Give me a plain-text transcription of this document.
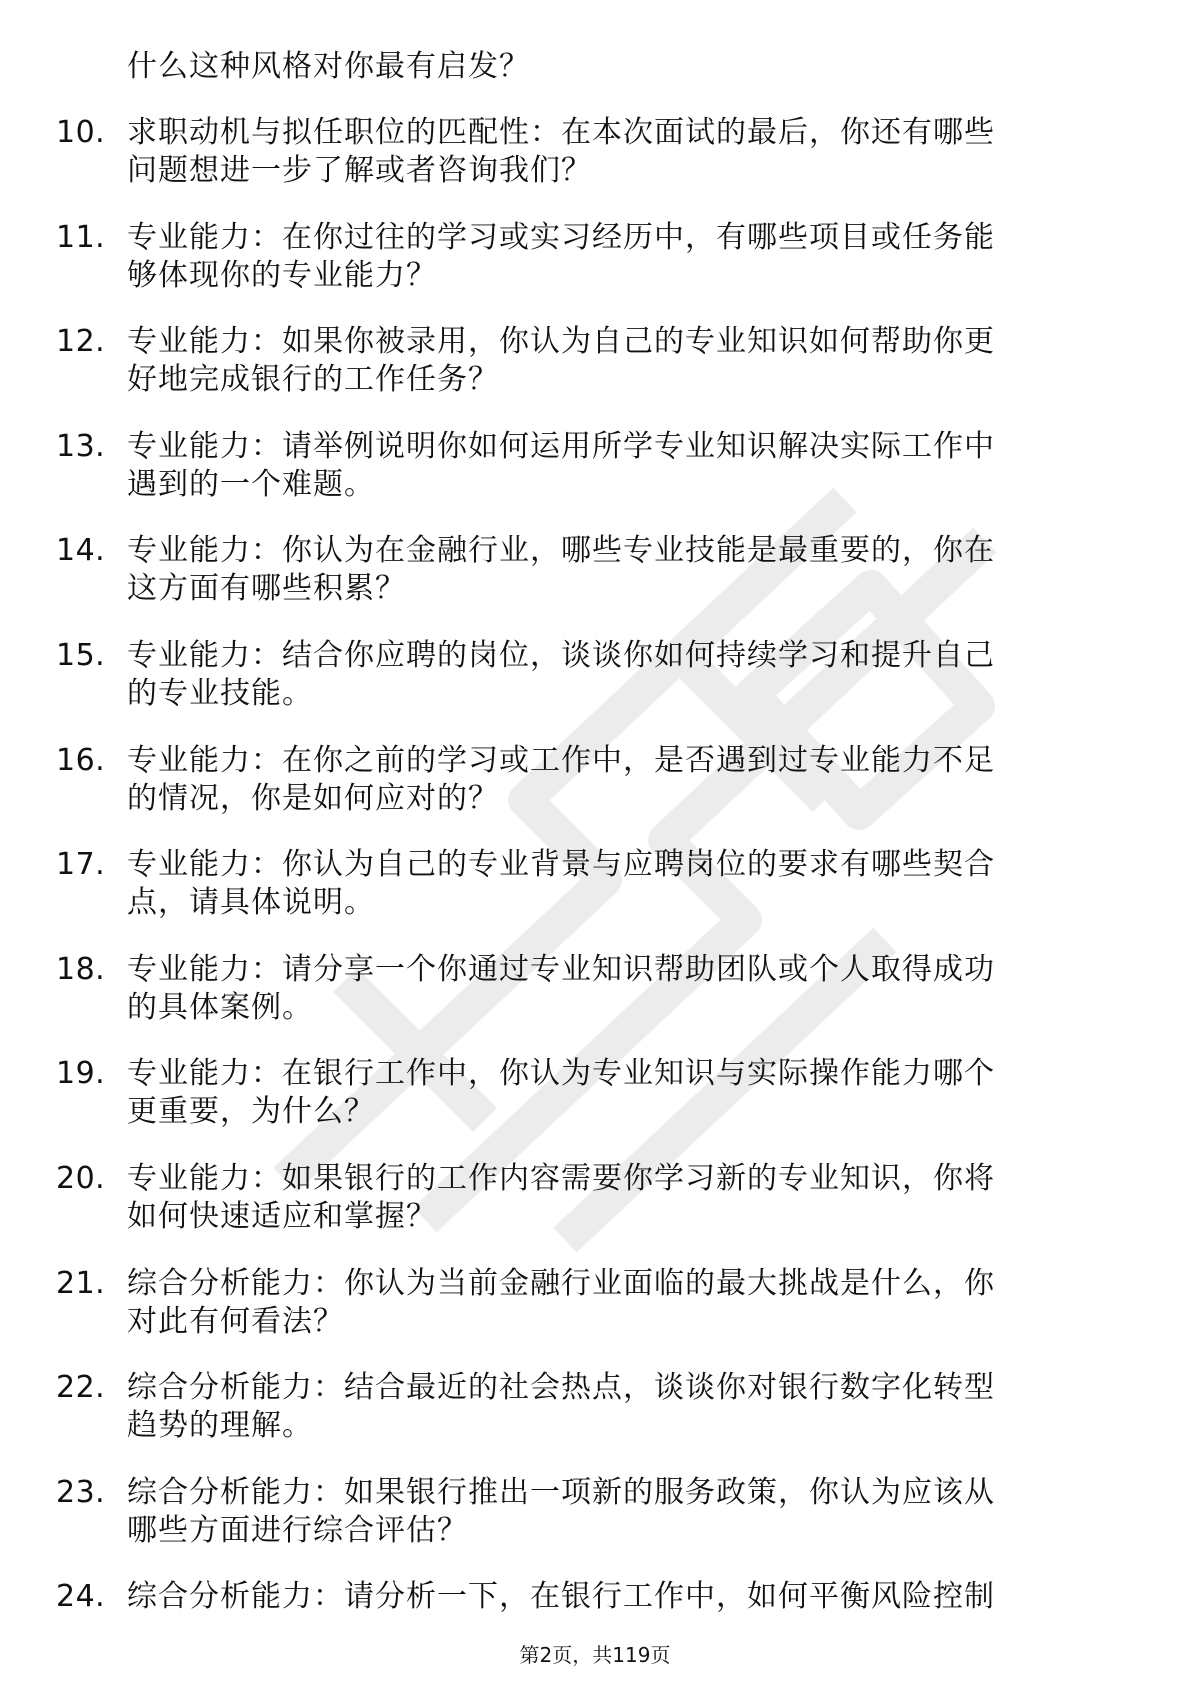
什么这种风格对你最有启发？
10. 求职动机与拟任职位的匹配性：在本次面试的最后，你还有哪些
问题想进一步了解或者咨询我们？
11. 专业能力：在你过往的学习或实习经历中，有哪些项目或任务能
够体现你的专业能力？
12. 专业能力：如果你被录用，你认为自己的专业知识如何帮助你更
好地完成银行的工作任务？
13. 专业能力：请举例说明你如何运用所学专业知识解决实际工作中
遇到的一个难题。
14. 专业能力：你认为在金融行业，哪些专业技能是最重要的，你在
这方面有哪些积累？
15. 专业能力：结合你应聘的岗位，谈谈你如何持续学习和提升自己
的专业技能。
16. 专业能力：在你之前的学习或工作中，是否遇到过专业能力不足
的情况，你是如何应对的？
17. 专业能力：你认为自己的专业背景与应聘岗位的要求有哪些契合
点，请具体说明。
18. 专业能力：请分享一个你通过专业知识帮助团队或个人取得成功
的具体案例。
19. 专业能力：在银行工作中，你认为专业知识与实际操作能力哪个
更重要，为什么？
20. 专业能力：如果银行的工作内容需要你学习新的专业知识，你将
如何快速适应和掌握？
21. 综合分析能力：你认为当前金融行业面临的最大挑战是什么，你
对此有何看法？
22. 综合分析能力：结合最近的社会热点，谈谈你对银行数字化转型
趋势的理解。
23. 综合分析能力：如果银行推出一项新的服务政策，你认为应该从
哪些方面进行综合评估？
24. 综合分析能力：请分析一下，在银行工作中，如何平衡风险控制
第2页，共119页
